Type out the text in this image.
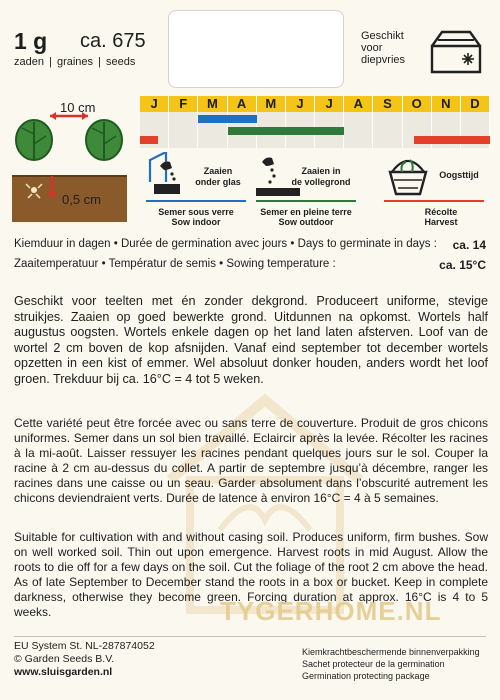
1 g ca. 675
zaden | graines | seeds
Geschikt
voor
diepvries
J	F	M	A	M	J	J	A	S	O	N	D
10 cm
0,5 cm
Zaaien
onder glas
Semer sous verre
Sow indoor
Zaaien in
de vollegrond
Semer en pleine terre
Sow outdoor
Oogsttijd
Récolte
Harvest
Kiemduur in dagen • Durée de germination avec jours • Days to germinate in days : ca. 14
Zaaitemperatuur • Températur de semis • Sowing temperature :	ca. 15°C
Geschikt voor teelten met én zonder dekgrond. Produceert uniforme, stevige struikjes. Zaaien op goed bewerkte grond. Uitdunnen na opkomst. Wortels half augustus oogsten. Wortels enkele dagen op het land laten afsterven. Loof van de wortel 2 cm boven de kop afsnijden. Vanaf eind september tot december wortels opzetten in een kist of emmer. Wel absoluut donker houden, anders wordt het loof groen. Trekduur bij ca. 16°C = 4 tot 5 weken.
Cette variété peut être forcée avec ou sans terre de couverture. Produit de gros chicons uniformes. Semer dans un sol bien travaillé. Eclaircir après la levée. Récolter les racines à la mi-août. Laisser ressuyer les racines pendant quelques jours sur le sol. Couper la racine à 2 cm au-dessus du collet. A partir de septembre jusqu’à décembre, ranger les racines dans une caisse ou un seau. Garder absolument dans l’obscurité autrement les chicons deviendraient verts. Durée de latence à environ 16°C = 4 à 5 semaines.
Suitable for cultivation with and without casing soil. Produces uniform, firm bushes. Sow on well worked soil. Thin out upon emergence. Harvest roots in mid August. Allow the roots to die off for a few days on the soil. Cut the foliage of the root 2 cm above the head. As of late September to December stand the roots in a box or bucket. Keep in complete darkness, otherwise they become green. Forcing duration at approx. 16°C is 4 to 5 weeks.	TYGERHOME.NL
EU System St. NL-287874052
© Garden Seeds B.V.
www.sluisgarden.nl
Kiemkrachtbeschermende binnenverpakking
Sachet protecteur de la germination
Germination protecting package
